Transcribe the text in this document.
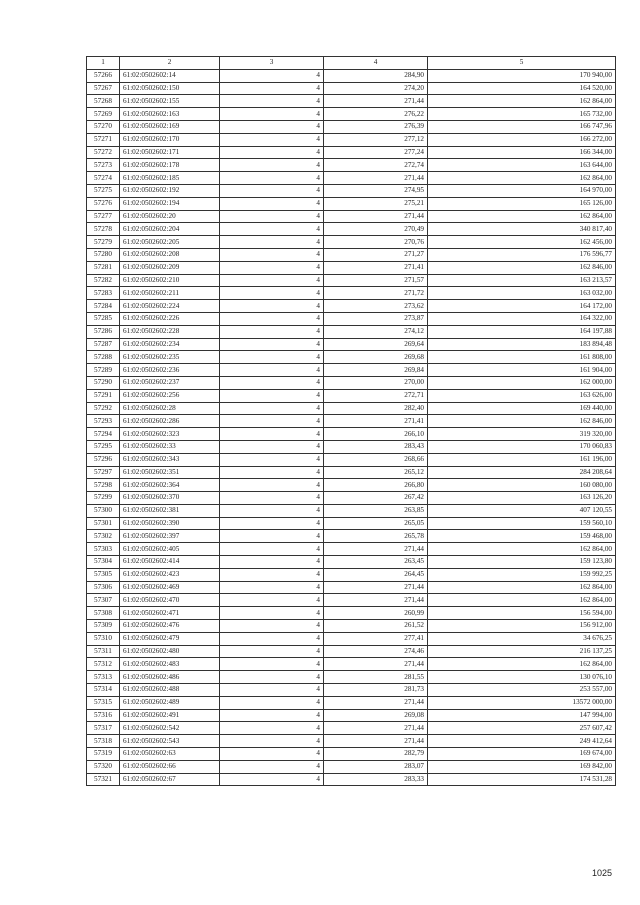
1	2	3	4	5
57266	61:02:0502602:14	4	284,90	170 940,00
57267	61:02:0502602:150	4	274,20	164 520,00
57268	61:02:0502602:155	4	271,44	162 864,00
57269	61:02:0502602:163	4	276,22	165 732,00
57270	61:02:0502602:169	4	276,39	166 747,96
57271	61:02:0502602:170	4	277,12	166 272,00
57272	61:02:0502602:171	4	277,24	166 344,00
57273	61:02:0502602:178	4	272,74	163 644,00
57274	61:02:0502602:185	4	271,44	162 864,00
57275	61:02:0502602:192	4	274,95	164 970,00
57276	61:02:0502602:194	4	275,21	165 126,00
57277	61:02:0502602:20	4	271,44	162 864,00
57278	61:02:0502602:204	4	270,49	340 817,40
57279	61:02:0502602:205	4	270,76	162 456,00
57280	61:02:0502602:208	4	271,27	176 596,77
57281	61:02:0502602:209	4	271,41	162 846,00
57282	61:02:0502602:210	4	271,57	163 213,57
57283	61:02:0502602:211	4	271,72	163 032,00
57284	61:02:0502602:224	4	273,62	164 172,00
57285	61:02:0502602:226	4	273,87	164 322,00
57286	61:02:0502602:228	4	274,12	164 197,88
57287	61:02:0502602:234	4	269,64	183 894,48
57288	61:02:0502602:235	4	269,68	161 808,00
57289	61:02:0502602:236	4	269,84	161 904,00
57290	61:02:0502602:237	4	270,00	162 000,00
57291	61:02:0502602:256	4	272,71	163 626,00
57292	61:02:0502602:28	4	282,40	169 440,00
57293	61:02:0502602:286	4	271,41	162 846,00
57294	61:02:0502602:323	4	266,10	319 320,00
57295	61:02:0502602:33	4	283,43	170 060,83
57296	61:02:0502602:343	4	268,66	161 196,00
57297	61:02:0502602:351	4	265,12	284 208,64
57298	61:02:0502602:364	4	266,80	160 080,00
57299	61:02:0502602:370	4	267,42	163 126,20
57300	61:02:0502602:381	4	263,85	407 120,55
57301	61:02:0502602:390	4	265,05	159 560,10
57302	61:02:0502602:397	4	265,78	159 468,00
57303	61:02:0502602:405	4	271,44	162 864,00
57304	61:02:0502602:414	4	263,45	159 123,80
57305	61:02:0502602:423	4	264,45	159 992,25
57306	61:02:0502602:469	4	271,44	162 864,00
57307	61:02:0502602:470	4	271,44	162 864,00
57308	61:02:0502602:471	4	260,99	156 594,00
57309	61:02:0502602:476	4	261,52	156 912,00
57310	61:02:0502602:479	4	277,41	34 676,25
57311	61:02:0502602:480	4	274,46	216 137,25
57312	61:02:0502602:483	4	271,44	162 864,00
57313	61:02:0502602:486	4	281,55	130 076,10
57314	61:02:0502602:488	4	281,73	253 557,00
57315	61:02:0502602:489	4	271,44	13572 000,00
57316	61:02:0502602:491	4	269,08	147 994,00
57317	61:02:0502602:542	4	271,44	257 607,42
57318	61:02:0502602:543	4	271,44	249 412,64
57319	61:02:0502602:63	4	282,79	169 674,00
57320	61:02:0502602:66	4	283,07	169 842,00
57321	61:02:0502602:67	4	283,33	174 531,28
1025
